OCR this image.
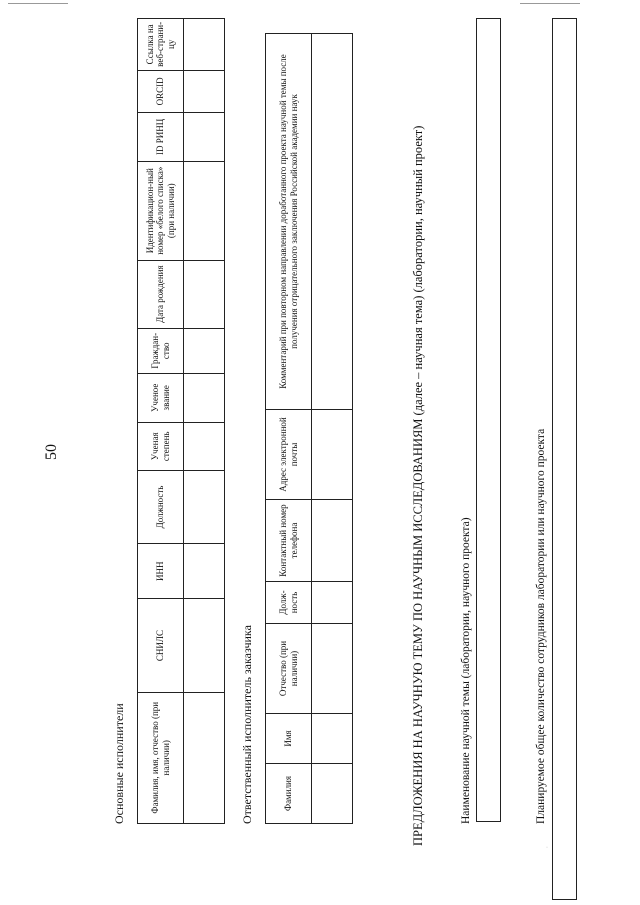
50
Основные исполнители	Фамилия, имя, отчество (при наличии)	СНИЛС	ИНН	Должность	Ученая степень	Ученое звание	Граждан-ство	Дата рождения	Идентификацион-ный номер «белого списка» (при наличии)	ID РИНЦ	ORCID	Ссылка на веб-страни-цу

Ответственный исполнитель заказчика	Фамилия	Имя	Отчество (при наличии)	Долж-ность	Контактный номер телефона	Адрес электронной почты	Комментарий при повторном направлении доработанного проекта научной темы после получения отрицательного заключения Российской академии наук
							ПРЕДЛОЖЕНИЯ НА НАУЧНУЮ ТЕМУ ПО НАУЧНЫМ ИССЛЕДОВАНИЯМ (далее – научная тема) (лаборатории, научный проект)	Наименование научной темы (лаборатории, научного проекта)	Планируемое общее количество сотрудников лаборатории или научного проекта
·
